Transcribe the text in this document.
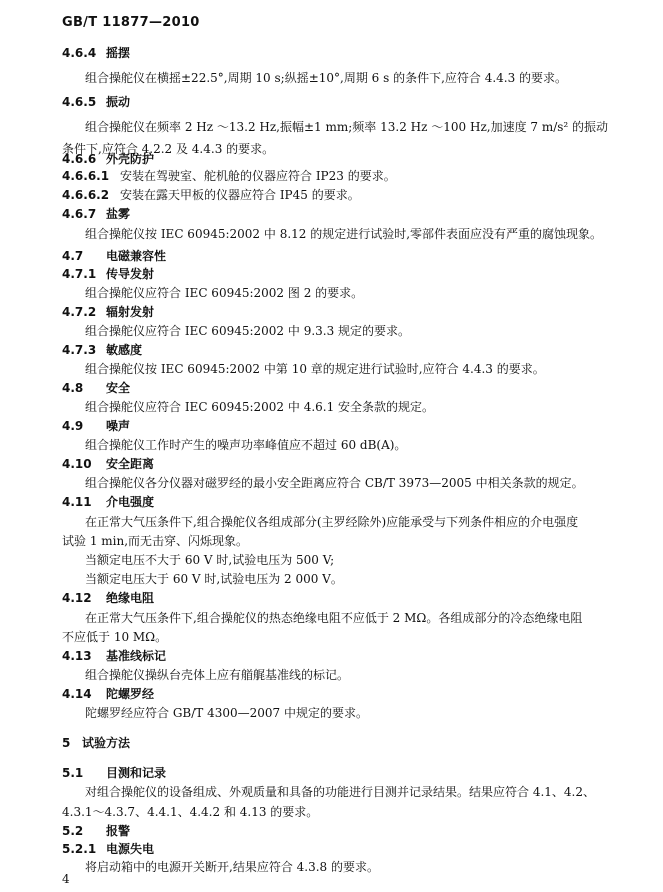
GB/T 11877—2010
4.6.4 摇摆
组合操舵仪在横摇±22.5°,周期 10 s;纵摇±10°,周期 6 s 的条件下,应符合 4.4.3 的要求。
4.6.5 振动
组合操舵仪在频率 2 Hz ～13.2 Hz,振幅±1 mm;频率 13.2 Hz ～100 Hz,加速度 7 m/s² 的振动
条件下,应符合 4.2.2 及 4.4.3 的要求。
4.6.6 外壳防护
4.6.6.1 安装在驾驶室、舵机舱的仪器应符合 IP23 的要求。
4.6.6.2 安装在露天甲板的仪器应符合 IP45 的要求。
4.6.7 盐雾
组合操舵仪按 IEC 60945:2002 中 8.12 的规定进行试验时,零部件表面应没有严重的腐蚀现象。
4.7 电磁兼容性
4.7.1 传导发射
组合操舵仪应符合 IEC 60945:2002 图 2 的要求。
4.7.2 辐射发射
组合操舵仪应符合 IEC 60945:2002 中 9.3.3 规定的要求。
4.7.3 敏感度
组合操舵仪按 IEC 60945:2002 中第 10 章的规定进行试验时,应符合 4.4.3 的要求。
4.8 安全
组合操舵仪应符合 IEC 60945:2002 中 4.6.1 安全条款的规定。
4.9 噪声
组合操舵仪工作时产生的噪声功率峰值应不超过 60 dB(A)。
4.10 安全距离
组合操舵仪各分仪器对磁罗经的最小安全距离应符合 CB/T 3973—2005 中相关条款的规定。
4.11 介电强度
在正常大气压条件下,组合操舵仪各组成部分(主罗经除外)应能承受与下列条件相应的介电强度
试验 1 min,而无击穿、闪烁现象。
当额定电压不大于 60 V 时,试验电压为 500 V;
当额定电压大于 60 V 时,试验电压为 2 000 V。
4.12 绝缘电阻
在正常大气压条件下,组合操舵仪的热态绝缘电阻不应低于 2 MΩ。各组成部分的冷态绝缘电阻
不应低于 10 MΩ。
4.13 基准线标记
组合操舵仪操纵台壳体上应有艏艉基准线的标记。
4.14 陀螺罗经
陀螺罗经应符合 GB/T 4300—2007 中规定的要求。
5 试验方法
5.1 目测和记录
对组合操舵仪的设备组成、外观质量和具备的功能进行目测并记录结果。结果应符合 4.1、4.2、
4.3.1～4.3.7、4.4.1、4.4.2 和 4.13 的要求。
5.2 报警
5.2.1 电源失电
将启动箱中的电源开关断开,结果应符合 4.3.8 的要求。
4
